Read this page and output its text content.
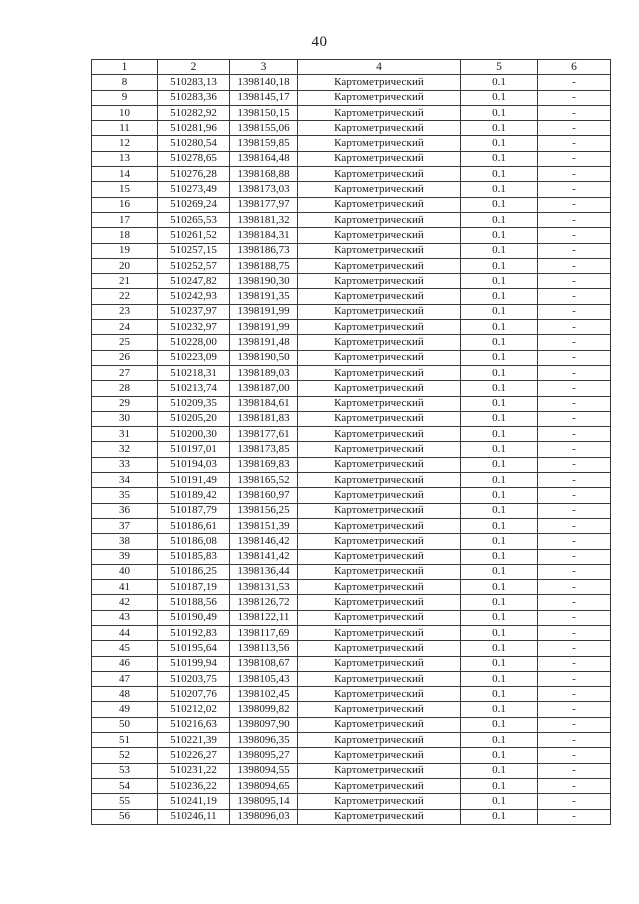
40
1	2	3	4	5	6
8	510283,13	1398140,18	Картометрический	0.1	-
9	510283,36	1398145,17	Картометрический	0.1	-
10	510282,92	1398150,15	Картометрический	0.1	-
11	510281,96	1398155,06	Картометрический	0.1	-
12	510280,54	1398159,85	Картометрический	0.1	-
13	510278,65	1398164,48	Картометрический	0.1	-
14	510276,28	1398168,88	Картометрический	0.1	-
15	510273,49	1398173,03	Картометрический	0.1	-
16	510269,24	1398177,97	Картометрический	0.1	-
17	510265,53	1398181,32	Картометрический	0.1	-
18	510261,52	1398184,31	Картометрический	0.1	-
19	510257,15	1398186,73	Картометрический	0.1	-
20	510252,57	1398188,75	Картометрический	0.1	-
21	510247,82	1398190,30	Картометрический	0.1	-
22	510242,93	1398191,35	Картометрический	0.1	-
23	510237,97	1398191,99	Картометрический	0.1	-
24	510232,97	1398191,99	Картометрический	0.1	-
25	510228,00	1398191,48	Картометрический	0.1	-
26	510223,09	1398190,50	Картометрический	0.1	-
27	510218,31	1398189,03	Картометрический	0.1	-
28	510213,74	1398187,00	Картометрический	0.1	-
29	510209,35	1398184,61	Картометрический	0.1	-
30	510205,20	1398181,83	Картометрический	0.1	-
31	510200,30	1398177,61	Картометрический	0.1	-
32	510197,01	1398173,85	Картометрический	0.1	-
33	510194,03	1398169,83	Картометрический	0.1	-
34	510191,49	1398165,52	Картометрический	0.1	-
35	510189,42	1398160,97	Картометрический	0.1	-
36	510187,79	1398156,25	Картометрический	0.1	-
37	510186,61	1398151,39	Картометрический	0.1	-
38	510186,08	1398146,42	Картометрический	0.1	-
39	510185,83	1398141,42	Картометрический	0.1	-
40	510186,25	1398136,44	Картометрический	0.1	-
41	510187,19	1398131,53	Картометрический	0.1	-
42	510188,56	1398126,72	Картометрический	0.1	-
43	510190,49	1398122,11	Картометрический	0.1	-
44	510192,83	1398117,69	Картометрический	0.1	-
45	510195,64	1398113,56	Картометрический	0.1	-
46	510199,94	1398108,67	Картометрический	0.1	-
47	510203,75	1398105,43	Картометрический	0.1	-
48	510207,76	1398102,45	Картометрический	0.1	-
49	510212,02	1398099,82	Картометрический	0.1	-
50	510216,63	1398097,90	Картометрический	0.1	-
51	510221,39	1398096,35	Картометрический	0.1	-
52	510226,27	1398095,27	Картометрический	0.1	-
53	510231,22	1398094,55	Картометрический	0.1	-
54	510236,22	1398094,65	Картометрический	0.1	-
55	510241,19	1398095,14	Картометрический	0.1	-
56	510246,11	1398096,03	Картометрический	0.1	-
